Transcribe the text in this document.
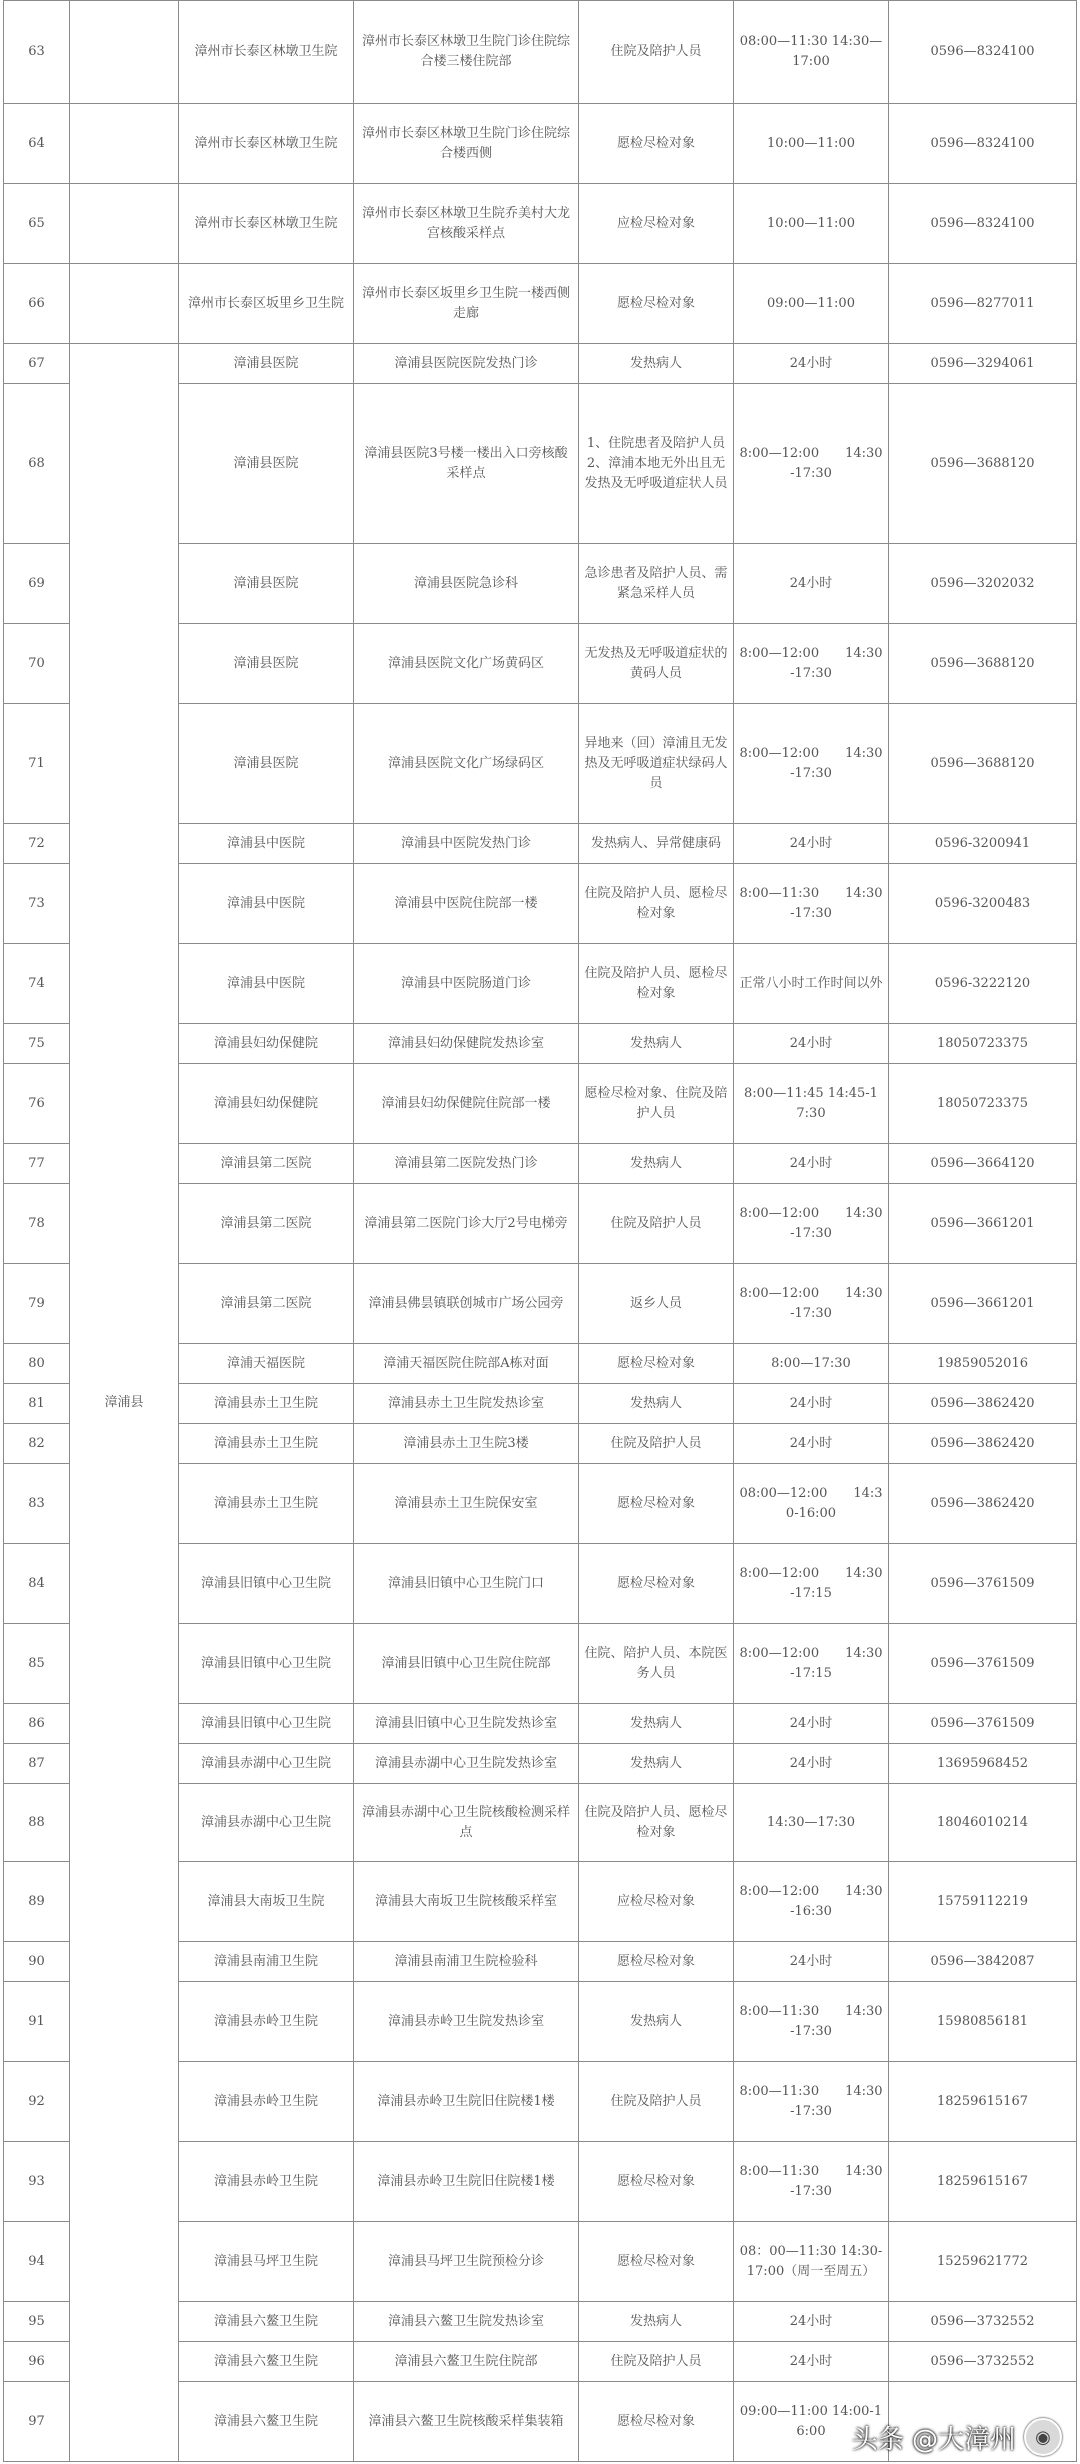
63		漳州市长泰区林墩卫生院	漳州市长泰区林墩卫生院门诊住院综合楼三楼住院部	住院及陪护人员	08:00—11:30 14:30—17:00	0596—8324100
64		漳州市长泰区林墩卫生院	漳州市长泰区林墩卫生院门诊住院综合楼西侧	愿检尽检对象	10:00—11:00	0596—8324100
65		漳州市长泰区林墩卫生院	漳州市长泰区林墩卫生院乔美村大龙宫核酸采样点	应检尽检对象	10:00—11:00	0596—8324100
66		漳州市长泰区坂里乡卫生院	漳州市长泰区坂里乡卫生院一楼西侧走廊	愿检尽检对象	09:00—11:00	0596—8277011
67	漳浦县	漳浦县医院	漳浦县医院医院发热门诊	发热病人	24小时	0596—3294061
68		漳浦县医院	漳浦县医院3号楼一楼出入口旁核酸采样点	1、住院患者及陪护人员　　2、漳浦本地无外出且无发热及无呼吸道症状人员	8:00—12:00　　14:30-17:30	0596—3688120
69		漳浦县医院	漳浦县医院急诊科	急诊患者及陪护人员、需紧急采样人员	24小时	0596—3202032
70		漳浦县医院	漳浦县医院文化广场黄码区	无发热及无呼吸道症状的黄码人员	8:00—12:00　　14:30-17:30	0596—3688120
71		漳浦县医院	漳浦县医院文化广场绿码区	异地来（回）漳浦且无发热及无呼吸道症状绿码人员	8:00—12:00　　14:30-17:30	0596—3688120
72		漳浦县中医院	漳浦县中医院发热门诊	发热病人、异常健康码	24小时	0596-3200941
73		漳浦县中医院	漳浦县中医院住院部一楼	住院及陪护人员、愿检尽检对象	8:00—11:30　　14:30-17:30	0596-3200483
74		漳浦县中医院	漳浦县中医院肠道门诊	住院及陪护人员、愿检尽检对象	正常八小时工作时间以外	0596-3222120
75		漳浦县妇幼保健院	漳浦县妇幼保健院发热诊室	发热病人	24小时	18050723375
76		漳浦县妇幼保健院	漳浦县妇幼保健院住院部一楼	愿检尽检对象、住院及陪护人员	8:00—11:45 14:45-17:30	18050723375
77		漳浦县第二医院	漳浦县第二医院发热门诊	发热病人	24小时	0596—3664120
78		漳浦县第二医院	漳浦县第二医院门诊大厅2号电梯旁	住院及陪护人员	8:00—12:00　　14:30-17:30	0596—3661201
79		漳浦县第二医院	漳浦县佛昙镇联创城市广场公园旁	返乡人员	8:00—12:00　　14:30-17:30	0596—3661201
80		漳浦天福医院	漳浦天福医院住院部A栋对面	愿检尽检对象	8:00—17:30	19859052016
81		漳浦县赤土卫生院	漳浦县赤土卫生院发热诊室	发热病人	24小时	0596—3862420
82		漳浦县赤土卫生院	漳浦县赤土卫生院3楼	住院及陪护人员	24小时	0596—3862420
83		漳浦县赤土卫生院	漳浦县赤土卫生院保安室	愿检尽检对象	08:00—12:00　　14:30-16:00	0596—3862420
84		漳浦县旧镇中心卫生院	漳浦县旧镇中心卫生院门口	愿检尽检对象	8:00—12:00　　14:30-17:15	0596—3761509
85		漳浦县旧镇中心卫生院	漳浦县旧镇中心卫生院住院部	住院、陪护人员、本院医务人员	8:00—12:00　　14:30-17:15	0596—3761509
86		漳浦县旧镇中心卫生院	漳浦县旧镇中心卫生院发热诊室	发热病人	24小时	0596—3761509
87		漳浦县赤湖中心卫生院	漳浦县赤湖中心卫生院发热诊室	发热病人	24小时	13695968452
88		漳浦县赤湖中心卫生院	漳浦县赤湖中心卫生院核酸检测采样点	住院及陪护人员、愿检尽检对象	14:30—17:30	18046010214
89		漳浦县大南坂卫生院	漳浦县大南坂卫生院核酸采样室	应检尽检对象	8:00—12:00　　14:30-16:30	15759112219
90		漳浦县南浦卫生院	漳浦县南浦卫生院检验科	愿检尽检对象	24小时	0596—3842087
91		漳浦县赤岭卫生院	漳浦县赤岭卫生院发热诊室	发热病人	8:00—11:30　　14:30-17:30	15980856181
92		漳浦县赤岭卫生院	漳浦县赤岭卫生院旧住院楼1楼	住院及陪护人员	8:00—11:30　　14:30-17:30	18259615167
93		漳浦县赤岭卫生院	漳浦县赤岭卫生院旧住院楼1楼	愿检尽检对象	8:00—11:30　　14:30-17:30	18259615167
94		漳浦县马坪卫生院	漳浦县马坪卫生院预检分诊	愿检尽检对象	08：00—11:30 14:30-17:00（周一至周五）	15259621772
95		漳浦县六鳌卫生院	漳浦县六鳌卫生院发热诊室	发热病人	24小时	0596—3732552
96		漳浦县六鳌卫生院	漳浦县六鳌卫生院住院部	住院及陪护人员	24小时	0596—3732552
97		漳浦县六鳌卫生院	漳浦县六鳌卫生院核酸采样集装箱	愿检尽检对象	09:00—11:00 14:00-16:00	头条 @大漳州	◉
